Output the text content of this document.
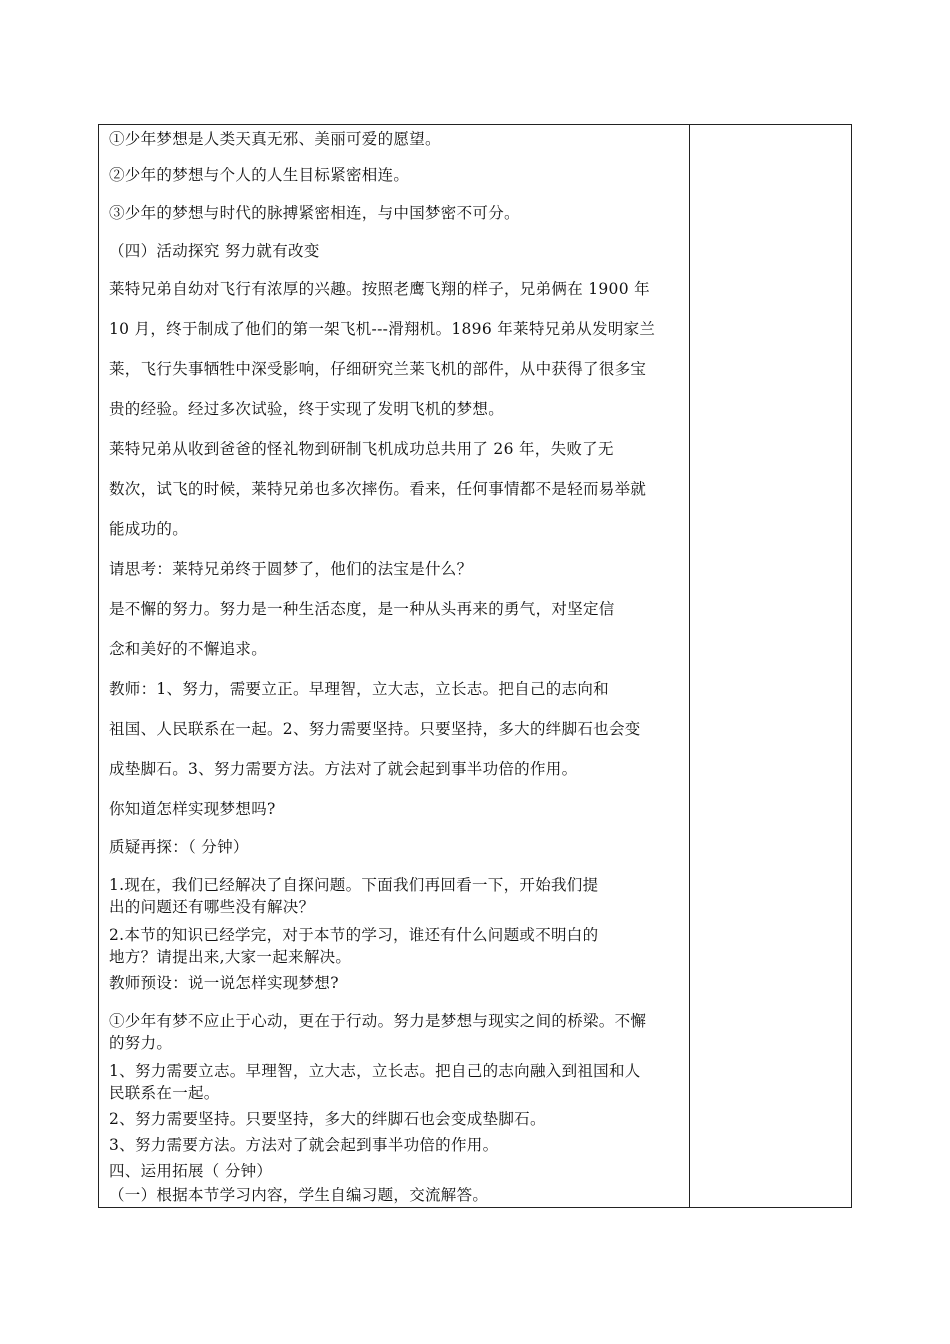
①少年梦想是人类天真无邪、美丽可爱的愿望。
②少年的梦想与个人的人生目标紧密相连。
③少年的梦想与时代的脉搏紧密相连，与中国梦密不可分。
（四）活动探究 努力就有改变
莱特兄弟自幼对飞行有浓厚的兴趣。按照老鹰飞翔的样子，兄弟俩在 1900 年
10 月，终于制成了他们的第一架飞机---滑翔机。1896 年莱特兄弟从发明家兰
莱，飞行失事牺牲中深受影响，仔细研究兰莱飞机的部件，从中获得了很多宝
贵的经验。经过多次试验，终于实现了发明飞机的梦想。
莱特兄弟从收到爸爸的怪礼物到研制飞机成功总共用了 26 年，失败了无
数次，试飞的时候，莱特兄弟也多次摔伤。看来，任何事情都不是轻而易举就
能成功的。
请思考：莱特兄弟终于圆梦了，他们的法宝是什么？
是不懈的努力。努力是一种生活态度，是一种从头再来的勇气，对坚定信
念和美好的不懈追求。
教师：1、努力，需要立正。早理智，立大志，立长志。把自己的志向和
祖国、人民联系在一起。2、努力需要坚持。只要坚持，多大的绊脚石也会变
成垫脚石。3、努力需要方法。方法对了就会起到事半功倍的作用。
你知道怎样实现梦想吗?
质疑再探：（ 分钟）
1.现在，我们已经解决了自探问题。下面我们再回看一下，开始我们提
出的问题还有哪些没有解决？
2.本节的知识已经学完，对于本节的学习，谁还有什么问题或不明白的
地方？请提出来,大家一起来解决。
教师预设：说一说怎样实现梦想?
①少年有梦不应止于心动，更在于行动。努力是梦想与现实之间的桥梁。不懈
的努力。
1、努力需要立志。早理智，立大志，立长志。把自己的志向融入到祖国和人
民联系在一起。
2、努力需要坚持。只要坚持，多大的绊脚石也会变成垫脚石。
3、努力需要方法。方法对了就会起到事半功倍的作用。
四、运用拓展（ 分钟）
（一）根据本节学习内容，学生自编习题，交流解答。
